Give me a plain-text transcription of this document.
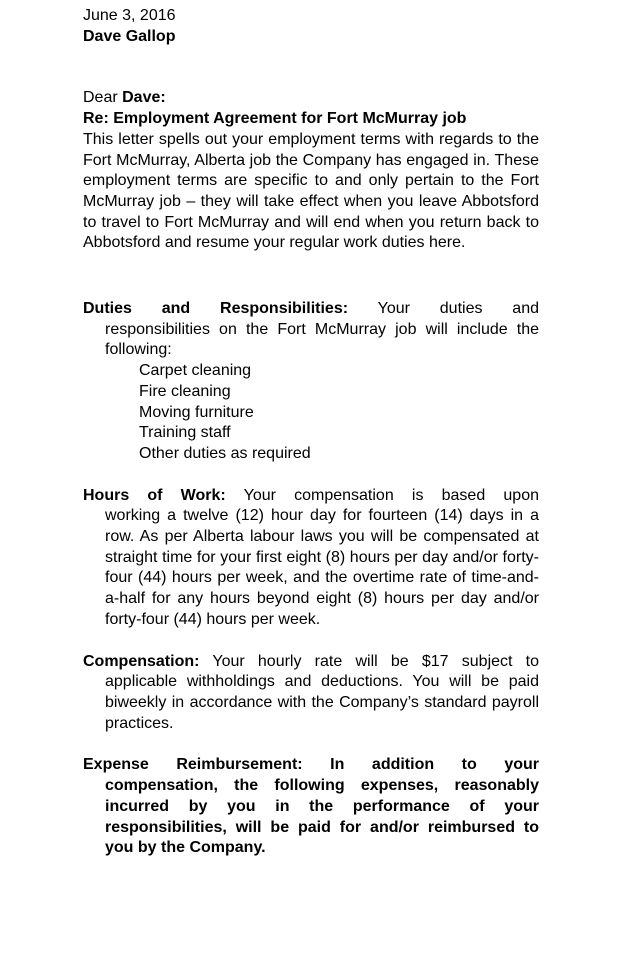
June 3, 2016
Dave Gallop
Dear Dave:
Re: Employment Agreement for Fort McMurray job
This letter spells out your employment terms with regards to the Fort McMurray, Alberta job the Company has engaged in. These employment terms are specific to and only pertain to the Fort McMurray job – they will take effect when you leave Abbotsford to travel to Fort McMurray and will end when you return back to Abbotsford and resume your regular work duties here.
Duties and Responsibilities: Your duties and
responsibilities on the Fort McMurray job will include the following:
Carpet cleaning
Fire cleaning
Moving furniture
Training staff
Other duties as required
Hours of Work: Your compensation is based upon
working a twelve (12) hour day for fourteen (14) days in a row. As per Alberta labour laws you will be compensated at straight time for your first eight (8) hours per day and/or forty-four (44) hours per week, and the overtime rate of time-and-a-half for any hours beyond eight (8) hours per day and/or forty-four (44) hours per week.
Compensation: Your hourly rate will be $17 subject to
applicable withholdings and deductions. You will be paid biweekly in accordance with the Company’s standard payroll practices.
Expense Reimbursement: In addition to your
compensation, the following expenses, reasonably incurred by you in the performance of your responsibilities, will be paid for and/or reimbursed to you by the Company.
